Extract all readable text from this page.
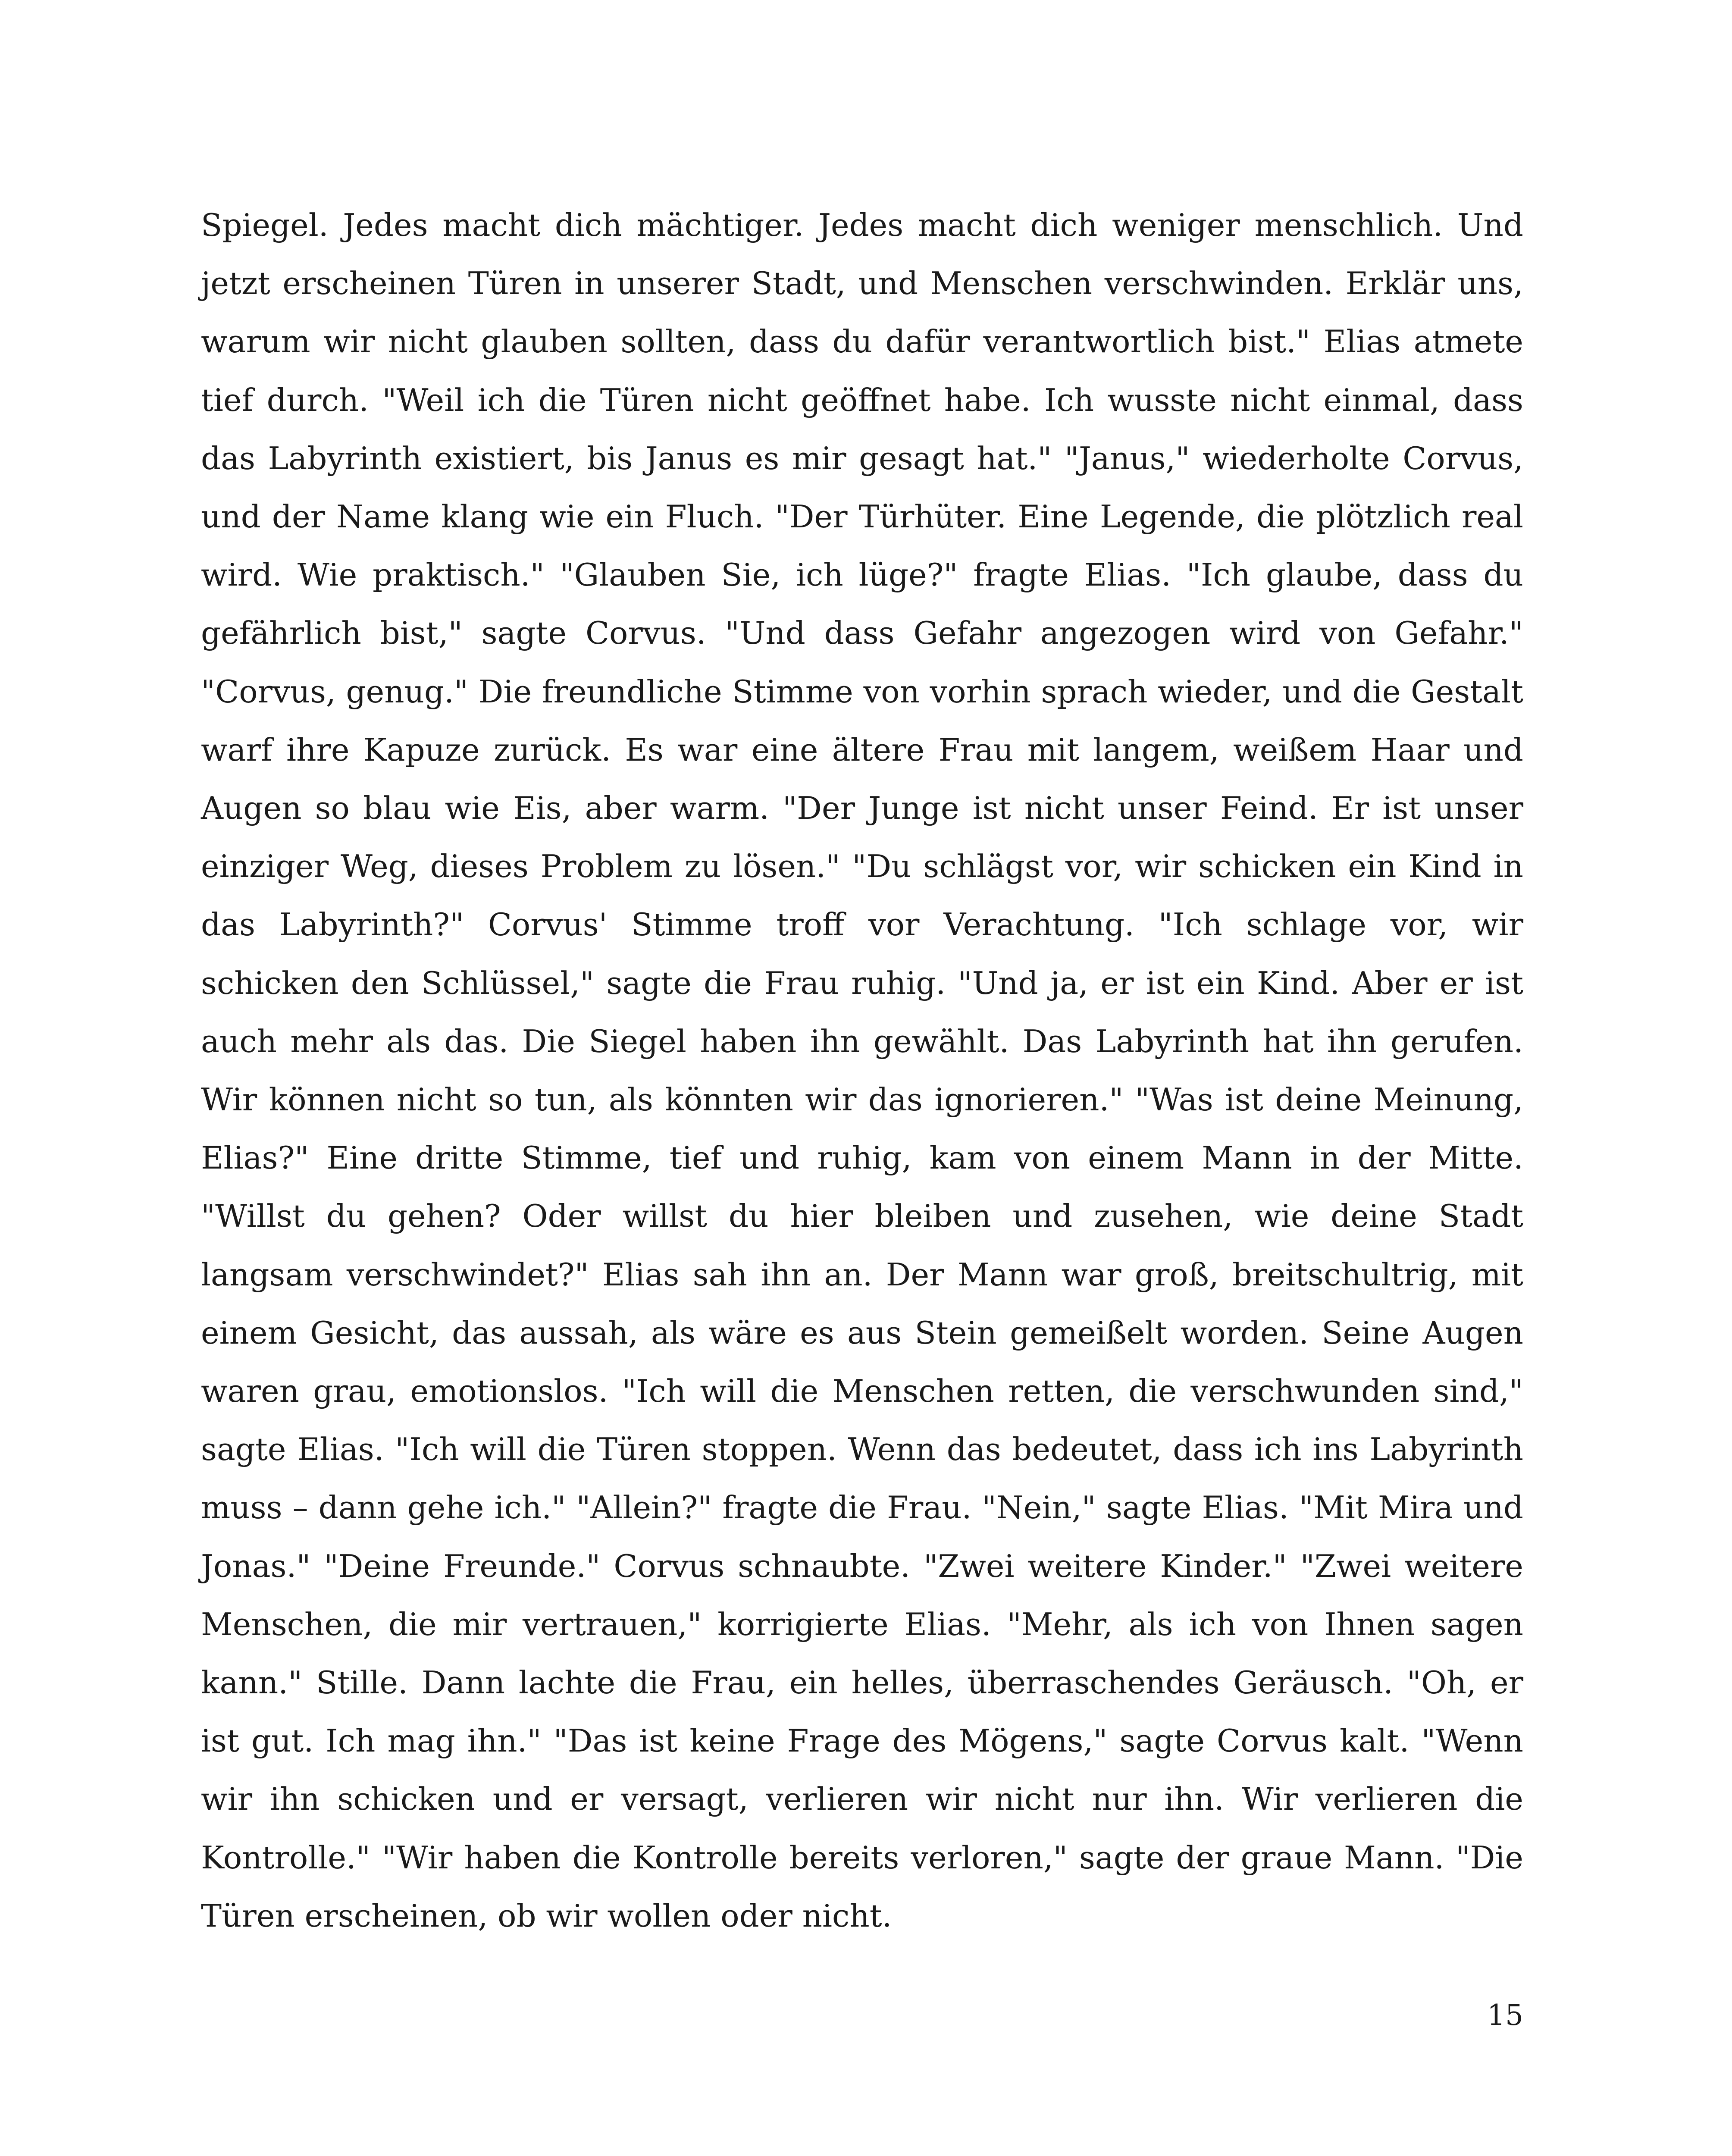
Spiegel. Jedes macht dich mächtiger. Jedes macht dich weniger menschlich. Und jetzt erscheinen Türen in unserer Stadt, und Menschen verschwinden. Erklär uns, warum wir nicht glauben sollten, dass du dafür verantwortlich bist." Elias atmete tief durch. "Weil ich die Türen nicht geöffnet habe. Ich wusste nicht einmal, dass das Labyrinth existiert, bis Janus es mir gesagt hat." "Janus," wiederholte Corvus, und der Name klang wie ein Fluch. "Der Türhüter. Eine Legende, die plötzlich real wird. Wie praktisch." "Glauben Sie, ich lüge?" fragte Elias. "Ich glaube, dass du gefährlich bist," sagte Corvus. "Und dass Gefahr angezogen wird von Gefahr." "Corvus, genug." Die freundliche Stimme von vorhin sprach wieder, und die Gestalt warf ihre Kapuze zurück. Es war eine ältere Frau mit langem, weißem Haar und Augen so blau wie Eis, aber warm. "Der Junge ist nicht unser Feind. Er ist unser einziger Weg, dieses Problem zu lösen." "Du schlägst vor, wir schicken ein Kind in das Labyrinth?" Corvus' Stimme troff vor Verachtung. "Ich schlage vor, wir schicken den Schlüssel," sagte die Frau ruhig. "Und ja, er ist ein Kind. Aber er ist auch mehr als das. Die Siegel haben ihn gewählt. Das Labyrinth hat ihn gerufen. Wir können nicht so tun, als könnten wir das ignorieren." "Was ist deine Meinung, Elias?" Eine dritte Stimme, tief und ruhig, kam von einem Mann in der Mitte. "Willst du gehen? Oder willst du hier bleiben und zusehen, wie deine Stadt langsam verschwindet?" Elias sah ihn an. Der Mann war groß, breitschultrig, mit einem Gesicht, das aussah, als wäre es aus Stein gemeißelt worden. Seine Augen waren grau, emotionslos. "Ich will die Menschen retten, die verschwunden sind," sagte Elias. "Ich will die Türen stoppen. Wenn das bedeutet, dass ich ins Labyrinth muss – dann gehe ich." "Allein?" fragte die Frau. "Nein," sagte Elias. "Mit Mira und Jonas." "Deine Freunde." Corvus schnaubte. "Zwei weitere Kinder." "Zwei weitere Menschen, die mir vertrauen," korrigierte Elias. "Mehr, als ich von Ihnen sagen kann." Stille. Dann lachte die Frau, ein helles, überraschendes Geräusch. "Oh, er ist gut. Ich mag ihn." "Das ist keine Frage des Mögens," sagte Corvus kalt. "Wenn wir ihn schicken und er versagt, verlieren wir nicht nur ihn. Wir verlieren die Kontrolle." "Wir haben die Kontrolle bereits verloren," sagte der graue Mann. "Die Türen erscheinen, ob wir wollen oder nicht.

15
